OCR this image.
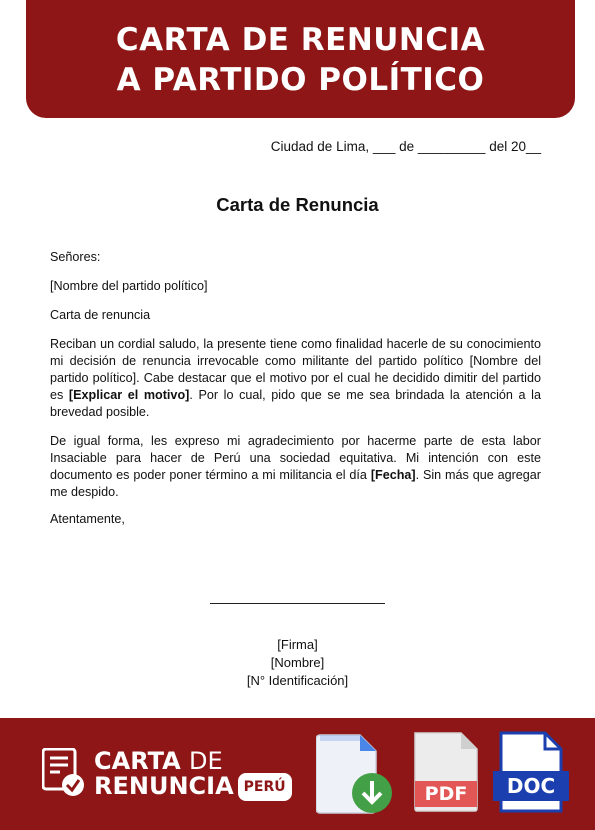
CARTA DE RENUNCIA
A PARTIDO POLÍTICO
Ciudad de Lima, ___ de _________ del 20__
Carta de Renuncia
Señores:
[Nombre del partido político]
Carta de renuncia
Reciban un cordial saludo, la presente tiene como finalidad hacerle de su conocimiento mi decisión de renuncia irrevocable como militante del partido político [Nombre del partido político]. Cabe destacar que el motivo por el cual he decidido dimitir del partido es [Explicar el motivo]. Por lo cual, pido que se me sea brindada la atención a la brevedad posible.
De igual forma, les expreso mi agradecimiento por hacerme parte de esta labor Insaciable para hacer de Perú una sociedad equitativa. Mi intención con este documento es poder poner término a mi militancia el día [Fecha]. Sin más que agregar me despido.
Atentamente,
[Firma]
[Nombre]
[N° Identificación]
CARTA DE
RENUNCIA PERÚ	PDF	DOC
